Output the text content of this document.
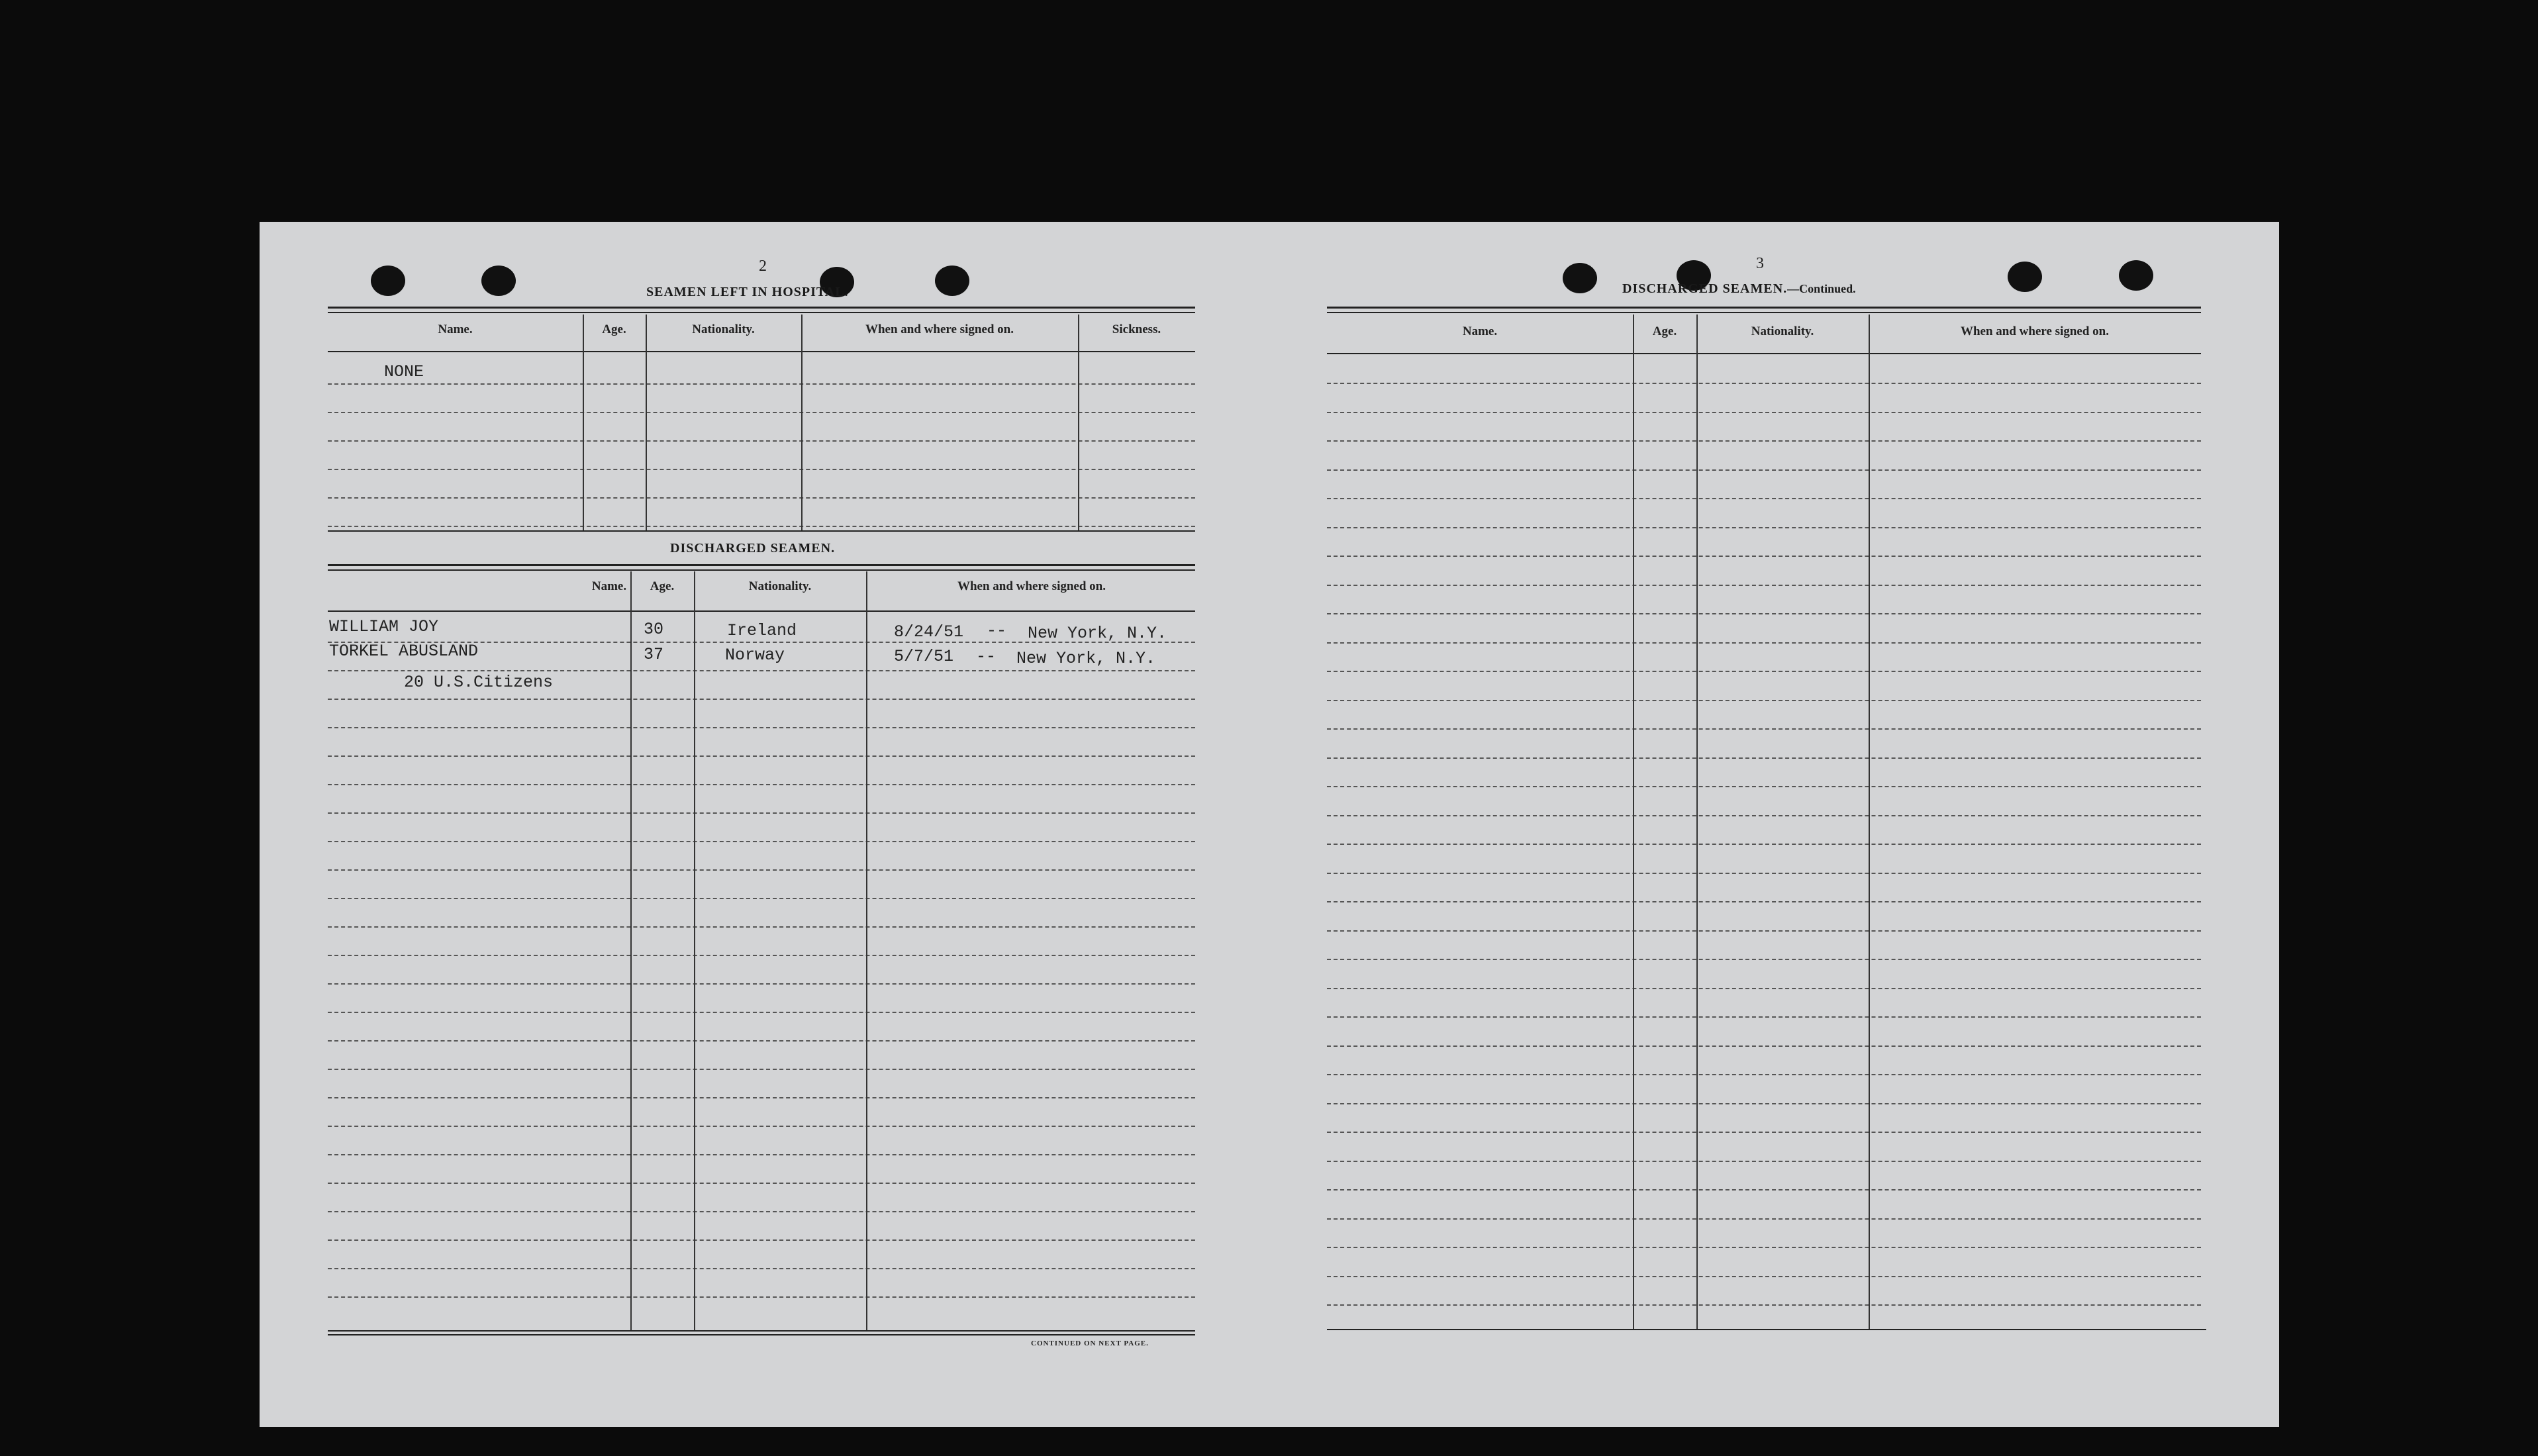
2
SEAMEN LEFT IN HOSPITAL.
Name.	Age.	Nationality.	When and where signed on.	Sickness.
NONE
DISCHARGED SEAMEN.
Name.	Age.	Nationality.	When and where signed on.
WILLIAM JOY	30	Ireland	8/24/51 -- New York, N.Y.
TORKEL ABUSLAND	37	Norway	5/7/51 -- New York, N.Y.
20 U.S.Citizens
CONTINUED ON NEXT PAGE.
3
DISCHARGED SEAMEN.—Continued.
Name.	Age.	Nationality.	When and where signed on.
